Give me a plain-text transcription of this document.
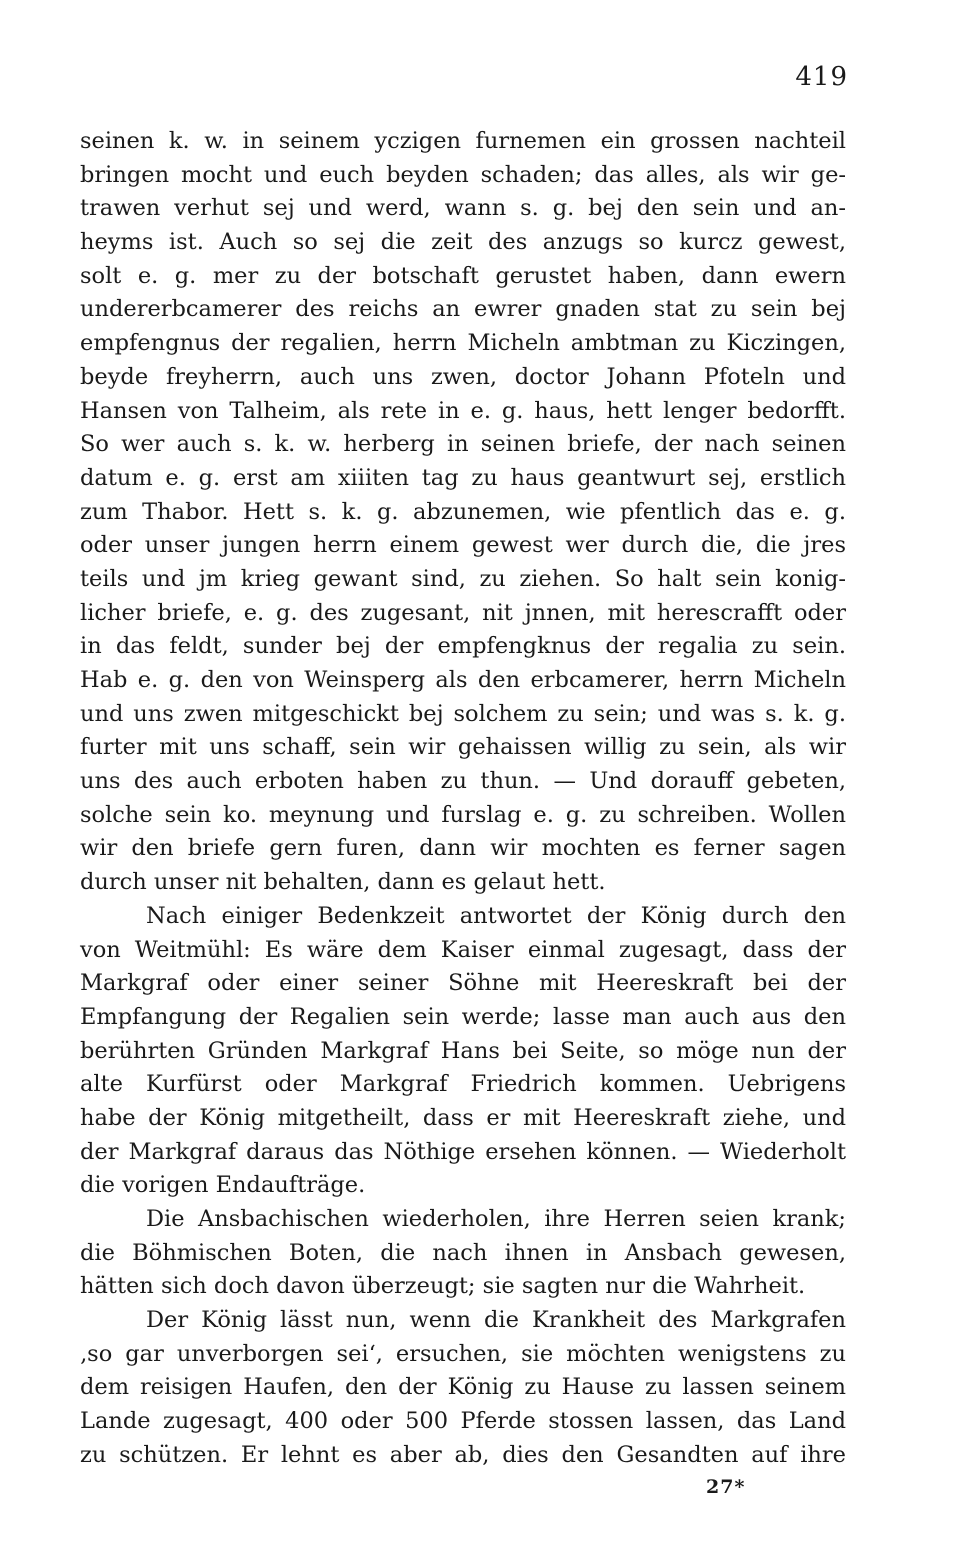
419
seinen k. w. in seinem yczigen furnemen ein grossen nachteil
bringen mocht und euch beyden schaden; das alles, als wir ge-
trawen verhut sej und werd, wann s. g. bej den sein und an-
heyms ist. Auch so sej die zeit des anzugs so kurcz gewest,
solt e. g. mer zu der botschaft gerustet haben, dann ewern
undererbcamerer des reichs an ewrer gnaden stat zu sein bej
empfengnus der regalien, herrn Micheln ambtman zu Kiczingen,
beyde freyherrn, auch uns zwen, doctor Johann Pfoteln und
Hansen von Talheim, als rete in e. g. haus, hett lenger bedorfft.
So wer auch s. k. w. herberg in seinen briefe, der nach seinen
datum e. g. erst am xiiiten tag zu haus geantwurt sej, erstlich
zum Thabor. Hett s. k. g. abzunemen, wie pfentlich das e. g.
oder unser jungen herrn einem gewest wer durch die, die jres
teils und jm krieg gewant sind, zu ziehen. So halt sein konig-
licher briefe, e. g. des zugesant, nit jnnen, mit herescrafft oder
in das feldt, sunder bej der empfengknus der regalia zu sein.
Hab e. g. den von Weinsperg als den erbcamerer, herrn Micheln
und uns zwen mitgeschickt bej solchem zu sein; und was s. k. g.
furter mit uns schaff, sein wir gehaissen willig zu sein, als wir
uns des auch erboten haben zu thun. — Und dorauff gebeten,
solche sein ko. meynung und furslag e. g. zu schreiben. Wollen
wir den briefe gern furen, dann wir mochten es ferner sagen
durch unser nit behalten, dann es gelaut hett.
Nach einiger Bedenkzeit antwortet der König durch den
von Weitmühl: Es wäre dem Kaiser einmal zugesagt, dass der
Markgraf oder einer seiner Söhne mit Heereskraft bei der
Empfangung der Regalien sein werde; lasse man auch aus den
berührten Gründen Markgraf Hans bei Seite, so möge nun der
alte Kurfürst oder Markgraf Friedrich kommen. Uebrigens
habe der König mitgetheilt, dass er mit Heereskraft ziehe, und
der Markgraf daraus das Nöthige ersehen können. — Wiederholt
die vorigen Endaufträge.
Die Ansbachischen wiederholen, ihre Herren seien krank;
die Böhmischen Boten, die nach ihnen in Ansbach gewesen,
hätten sich doch davon überzeugt; sie sagten nur die Wahrheit.
Der König lässt nun, wenn die Krankheit des Markgrafen
‚so gar unverborgen sei‘, ersuchen, sie möchten wenigstens zu
dem reisigen Haufen, den der König zu Hause zu lassen seinem
Lande zugesagt, 400 oder 500 Pferde stossen lassen, das Land
zu schützen. Er lehnt es aber ab, dies den Gesandten auf ihre
27*
